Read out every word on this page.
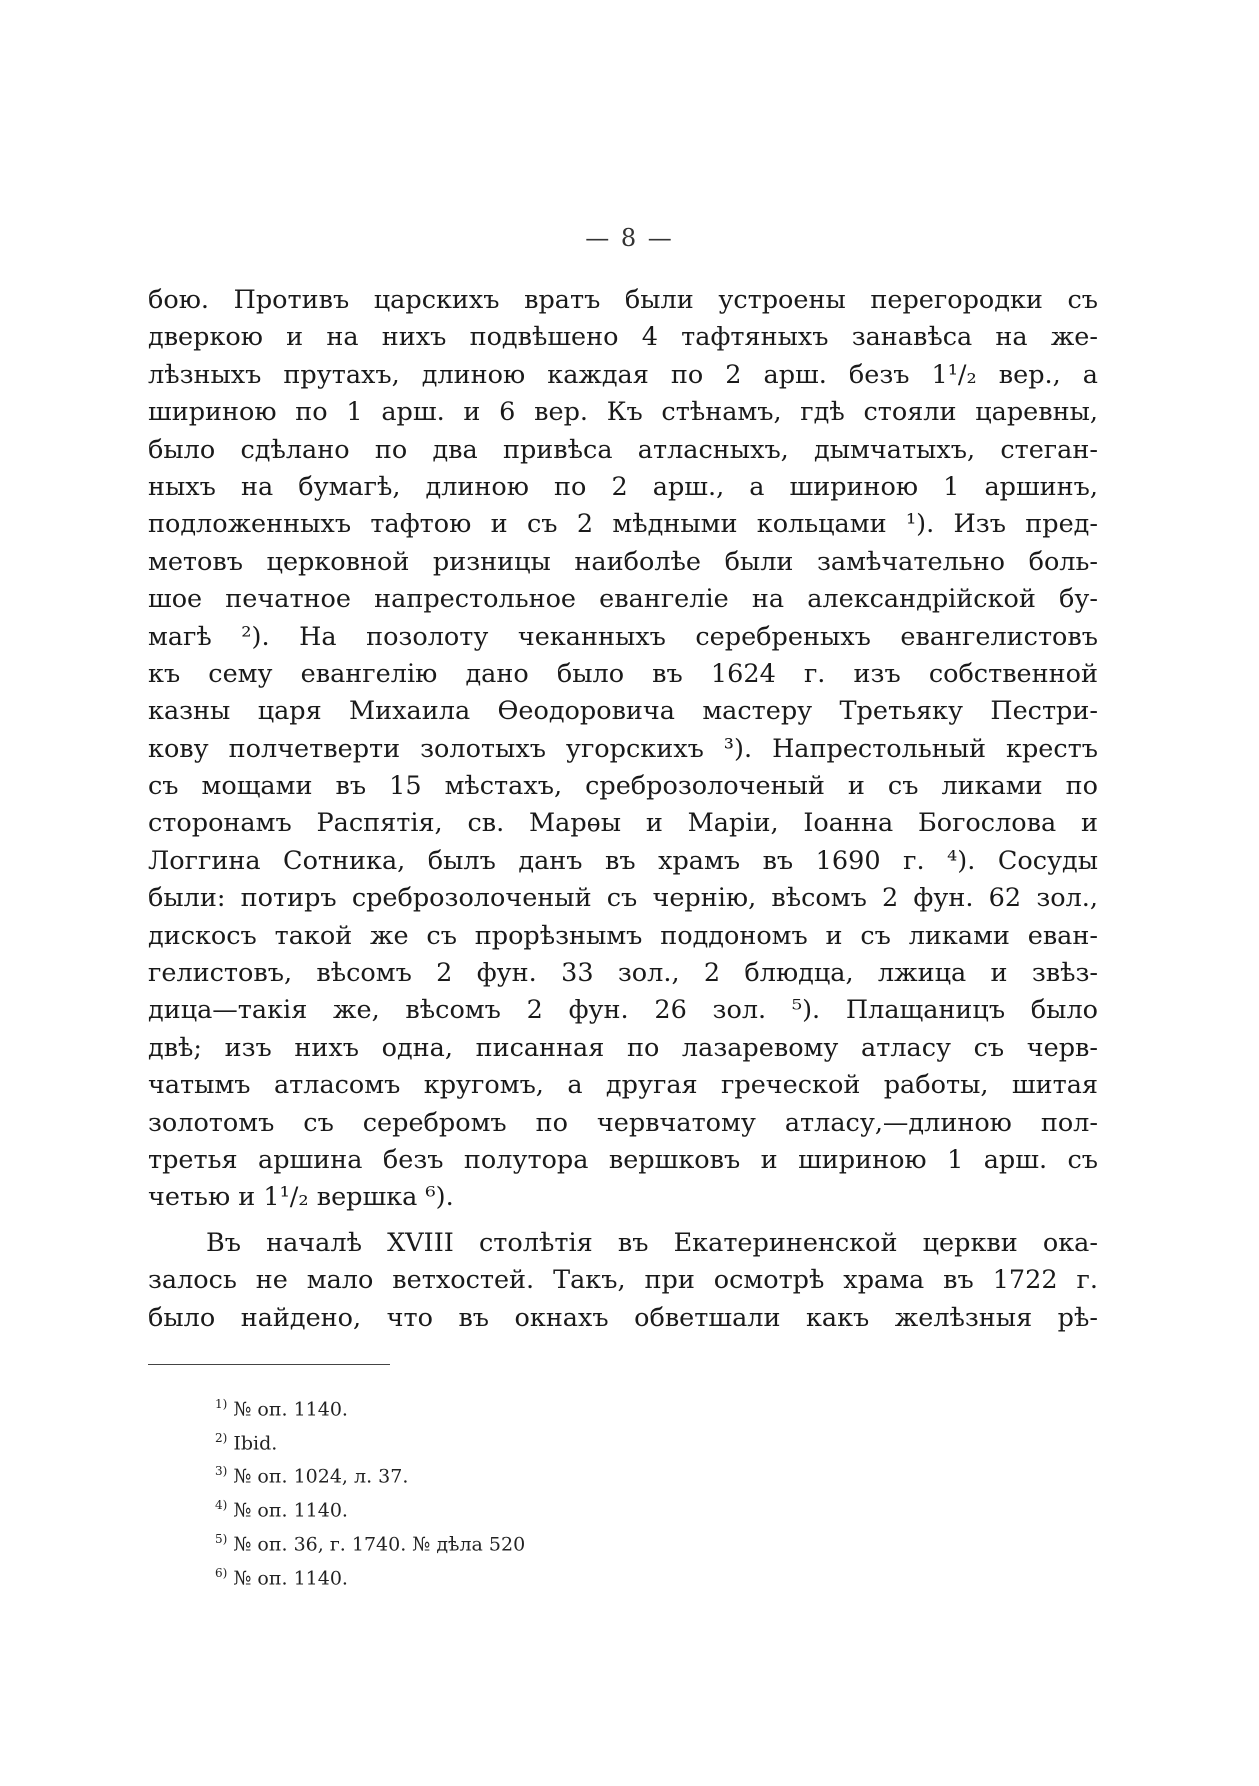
— 8 —
бою. Противъ царскихъ вратъ были устроены перегородки съ
дверкою и на нихъ подвѣшено 4 тафтяныхъ занавѣса на же-
лѣзныхъ прутахъ, длиною каждая по 2 арш. безъ 1¹/₂ вер., а
шириною по 1 арш. и 6 вер. Къ стѣнамъ, гдѣ стояли царевны,
было сдѣлано по два привѣса атласныхъ, дымчатыхъ, стеган-
ныхъ на бумагѣ, длиною по 2 арш., а шириною 1 аршинъ,
подложенныхъ тафтою и съ 2 мѣдными кольцами ¹). Изъ пред-
метовъ церковной ризницы наиболѣе были замѣчательно боль-
шое печатное напрестольное евангеліе на александрійской бу-
магѣ ²). На позолоту чеканныхъ серебреныхъ евангелистовъ
къ сему евангелію дано было въ 1624 г. изъ собственной
казны царя Михаила Ѳеодоровича мастеру Третьяку Пестри-
кову полчетверти золотыхъ угорскихъ ³). Напрестольный крестъ
съ мощами въ 15 мѣстахъ, среброзолоченый и съ ликами по
сторонамъ Распятія, св. Марѳы и Маріи, Іоанна Богослова и
Логгина Сотника, былъ данъ въ храмъ въ 1690 г. ⁴). Сосуды
были: потиръ среброзолоченый съ чернію, вѣсомъ 2 фун. 62 зол.,
дискосъ такой же съ прорѣзнымъ поддономъ и съ ликами еван-
гелистовъ, вѣсомъ 2 фун. 33 зол., 2 блюдца, лжица и звѣз-
дица—такія же, вѣсомъ 2 фун. 26 зол. ⁵). Плащаницъ было
двѣ; изъ нихъ одна, писанная по лазаревому атласу съ черв-
чатымъ атласомъ кругомъ, а другая греческой работы, шитая
золотомъ съ серебромъ по червчатому атласу,—длиною пол-
третья аршина безъ полутора вершковъ и шириною 1 арш. съ
четью и 1¹/₂ вершка ⁶).
Въ началѣ XVIII столѣтія въ Екатериненской церкви ока-
залось не мало ветхостей. Такъ, при осмотрѣ храма въ 1722 г.
было найдено, что въ окнахъ обветшали какъ желѣзныя рѣ-
$^{1)}$ № оп. 1140.
$^{2)}$ Ibid.
$^{3)}$ № оп. 1024, л. 37.
$^{4)}$ № оп. 1140.
$^{5)}$ № оп. 36, г. 1740. № дѣла 520
$^{6)}$ № оп. 1140.
